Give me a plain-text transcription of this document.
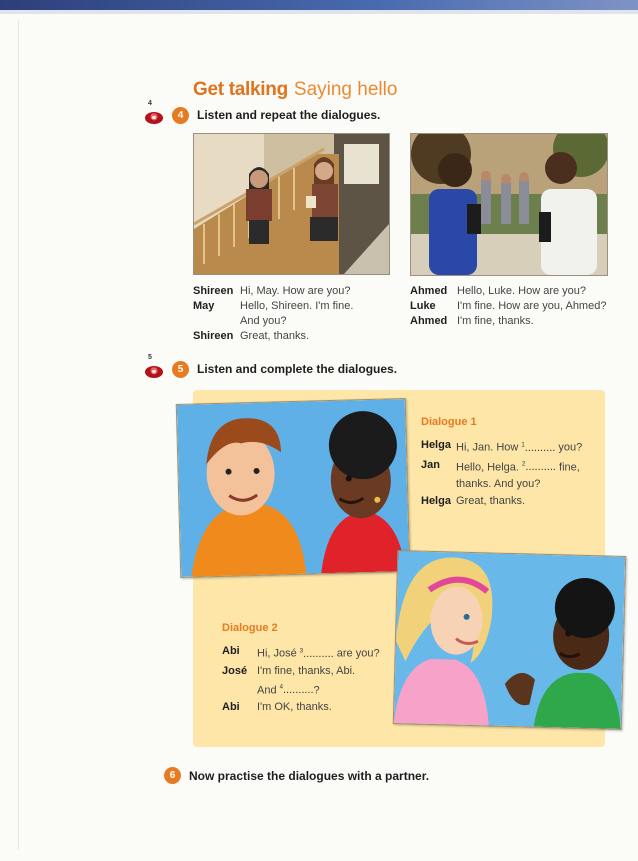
Get talking Saying hello
4
4	Listen and repeat the dialogues.
Shireen Hi, May. How are you?
May	Hello, Shireen. I'm fine.
And you?
Shireen Great, thanks.
Ahmed Hello, Luke. How are you?
Luke	I'm fine. How are you, Ahmed?
Ahmed I'm fine, thanks.
5
5	Listen and complete the dialogues.
Dialogue 1
Helga Hi, Jan. How $^1$.......... you?
Jan	Hello, Helga. $^2$.......... fine,
thanks. And you?
Helga Great, thanks.
Dialogue 2
Abi	Hi, José $^3$.......... are you?
José I'm fine, thanks, Abi.
And $^4$..........?
Abi	I'm OK, thanks.
6	Now practise the dialogues with a partner.
